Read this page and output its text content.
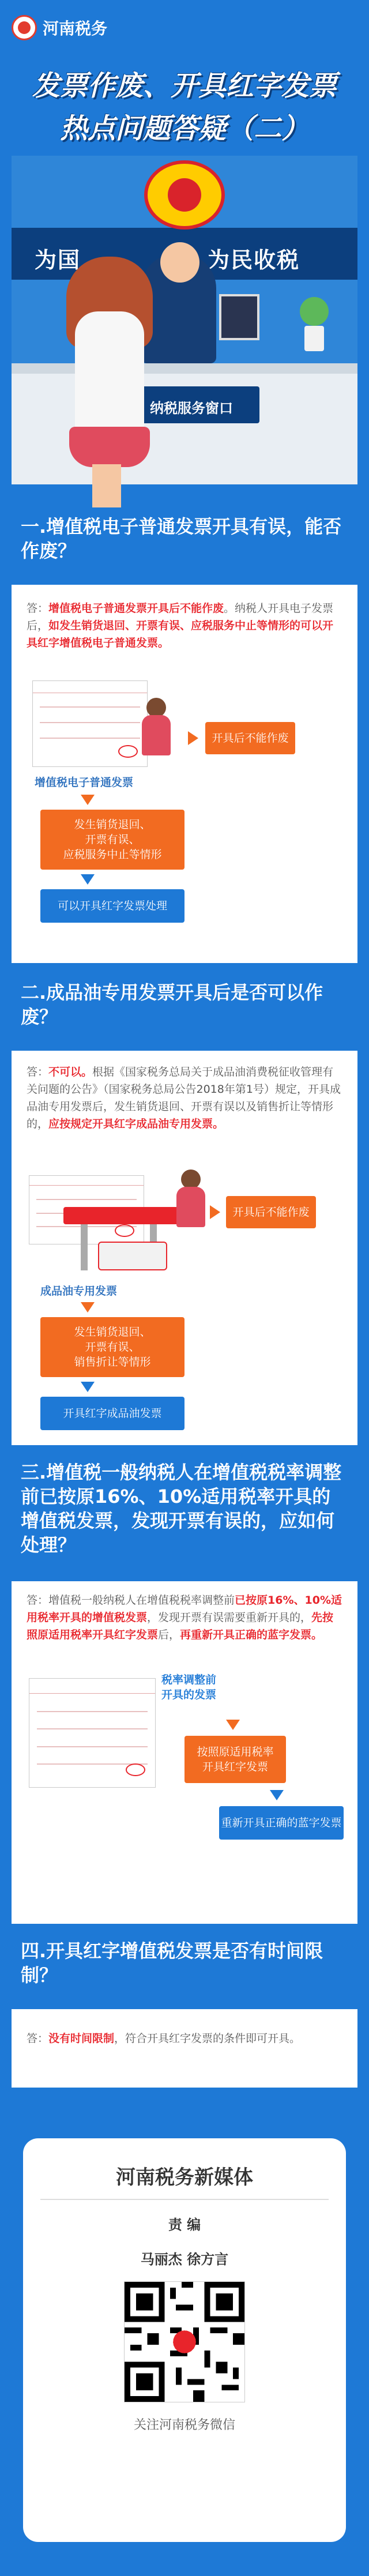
河南税务
发票作废、开具红字发票
热点问题答疑（二）
为国	为民收税
纳税服务窗口
一.增值税电子普通发票开具有误，能否作废？
答：增值税电子普通发票开具后不能作废。纳税人开具电子发票后，如发生销货退回、开票有误、应税服务中止等情形的可以开具红字增值税电子普通发票。
开具后不能作废
增值税电子普通发票
发生销货退回、
开票有误、
应税服务中止等情形
可以开具红字发票处理
二.成品油专用发票开具后是否可以作废？
答：不可以。根据《国家税务总局关于成品油消费税征收管理有关问题的公告》（国家税务总局公告2018年第1号）规定，开具成品油专用发票后，发生销货退回、开票有误以及销售折让等情形的，应按规定开具红字成品油专用发票。
开具后不能作废
成品油专用发票
发生销货退回、
开票有误、
销售折让等情形
开具红字成品油发票
三.增值税一般纳税人在增值税税率调整前已按原16%、10%适用税率开具的增值税发票，发现开票有误的，应如何处理？
答：增值税一般纳税人在增值税税率调整前已按原16%、10%适用税率开具的增值税发票，发现开票有误需要重新开具的，先按照原适用税率开具红字发票后，再重新开具正确的蓝字发票。
税率调整前
开具的发票
按照原适用税率
开具红字发票
重新开具正确的蓝字发票
四.开具红字增值税发票是否有时间限制？
答：没有时间限制，符合开具红字发票的条件即可开具。
河南税务新媒体
责 编
马丽杰 徐方言
关注河南税务微信
